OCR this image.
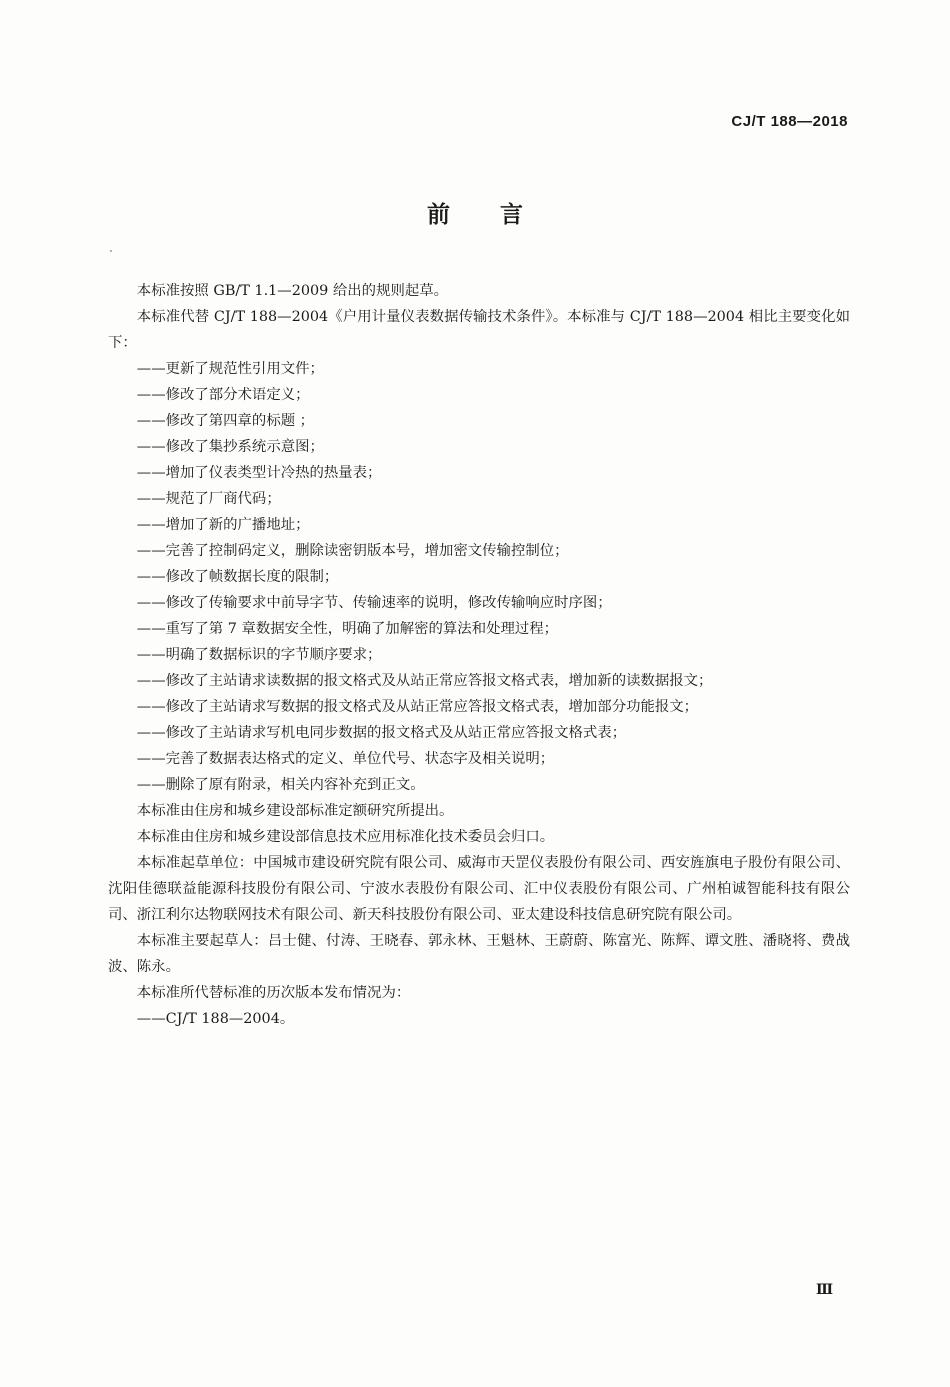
CJ/T 188—2018
前言

本标准按照 GB/T 1.1—2009 给出的规则起草。

本标准代替 CJ/T 188—2004《户用计量仪表数据传输技术条件》。本标准与 CJ/T 188—2004 相比主要变化如下：

—— 更新了规范性引用文件；
—— 修改了部分术语定义；
—— 修改了第四章的标题 ；
—— 修改了集抄系统示意图；
—— 增加了仪表类型计冷热的热量表；
—— 规范了厂商代码；
—— 增加了新的广播地址；
—— 完善了控制码定义，删除读密钥版本号，增加密文传输控制位；
—— 修改了帧数据长度的限制；
—— 修改了传输要求中前导字节、传输速率的说明，修改传输响应时序图；
—— 重写了第 7 章数据安全性，明确了加解密的算法和处理过程；
—— 明确了数据标识的字节顺序要求；
—— 修改了主站请求读数据的报文格式及从站正常应答报文格式表，增加新的读数据报文；
—— 修改了主站请求写数据的报文格式及从站正常应答报文格式表，增加部分功能报文；
—— 修改了主站请求写机电同步数据的报文格式及从站正常应答报文格式表；
—— 完善了数据表达格式的定义、单位代号、状态字及相关说明；
—— 删除了原有附录，相关内容补充到正文。

本标准由住房和城乡建设部标准定额研究所提出。

本标准由住房和城乡建设部信息技术应用标准化技术委员会归口。

本标准起草单位：中国城市建设研究院有限公司、威海市天罡仪表股份有限公司、西安旌旗电子股份有限公司、沈阳佳德联益能源科技股份有限公司、宁波水表股份有限公司、汇中仪表股份有限公司、广州柏诚智能科技有限公司、浙江利尔达物联网技术有限公司、新天科技股份有限公司、亚太建设科技信息研究院有限公司。

本标准主要起草人：吕士健、付涛、王晓春、郭永林、王魁林、王蔚蔚、陈富光、陈辉、谭文胜、潘晓将、费战波、陈永。

本标准所代替标准的历次版本发布情况为：

—— CJ/T 188—2004。
Ⅲ
